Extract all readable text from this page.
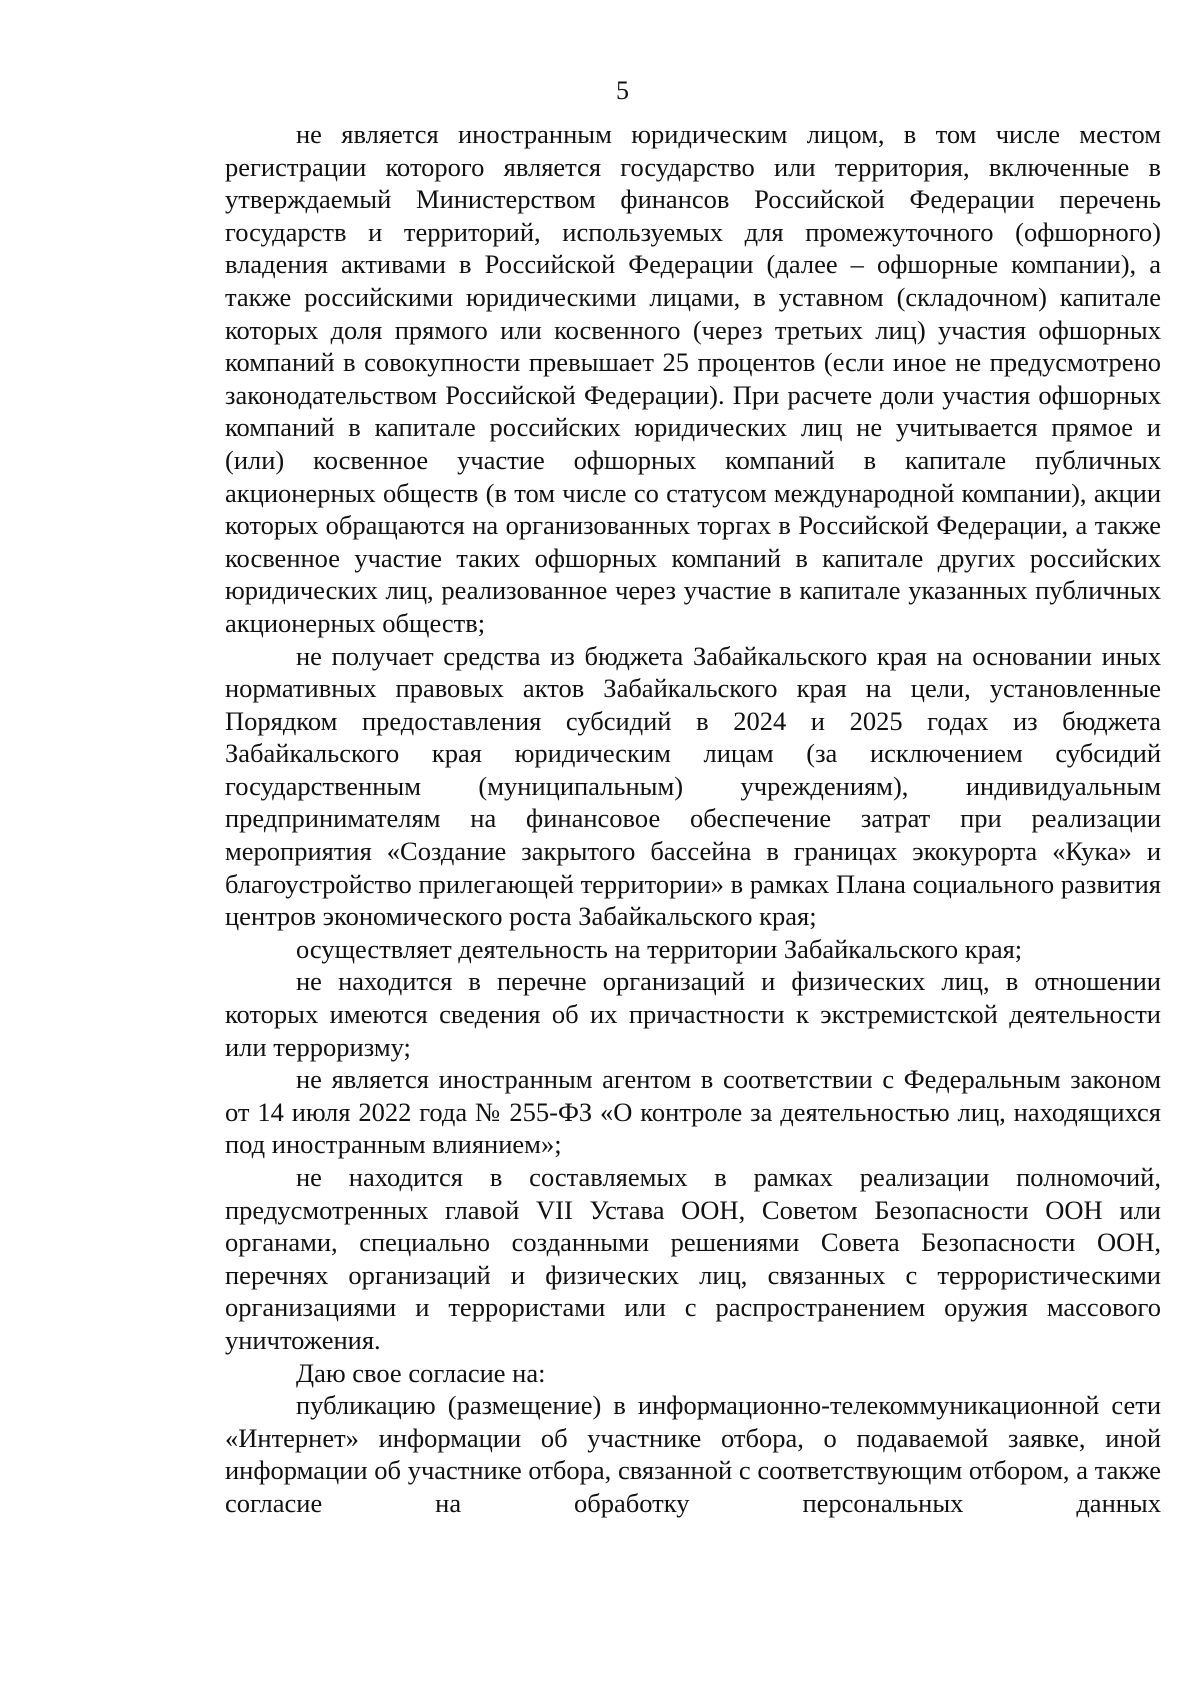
5

не является иностранным юридическим лицом, в том числе местом регистрации которого является государство или территория, включенные в утверждаемый Министерством финансов Российской Федерации перечень государств и территорий, используемых для промежуточного (офшорного) владения активами в Российской Федерации (далее – офшорные компании), а также российскими юридическими лицами, в уставном (складочном) капитале которых доля прямого или косвенного (через третьих лиц) участия офшорных компаний в совокупности превышает 25 процентов (если иное не предусмотрено законодательством Российской Федерации). При расчете доли участия офшорных компаний в капитале российских юридических лиц не учитывается прямое и (или) косвенное участие офшорных компаний в капитале публичных акционерных обществ (в том числе со статусом международной компании), акции которых обращаются на организованных торгах в Российской Федерации, а также косвенное участие таких офшорных компаний в капитале других российских юридических лиц, реализованное через участие в капитале указанных публичных акционерных обществ;

не получает средства из бюджета Забайкальского края на основании иных нормативных правовых актов Забайкальского края на цели, установленные Порядком предоставления субсидий в 2024 и 2025 годах из бюджета Забайкальского края юридическим лицам (за исключением субсидий государственным (муниципальным) учреждениям), индивидуальным предпринимателям на финансовое обеспечение затрат при реализации мероприятия «Создание закрытого бассейна в границах экокурорта «Кука» и благоустройство прилегающей территории» в рамках Плана социального развития центров экономического роста Забайкальского края;

осуществляет деятельность на территории Забайкальского края;

не находится в перечне организаций и физических лиц, в отношении которых имеются сведения об их причастности к экстремистской деятельности или терроризму;

не является иностранным агентом в соответствии с Федеральным законом от 14 июля 2022 года № 255-ФЗ «О контроле за деятельностью лиц, находящихся под иностранным влиянием»;

не находится в составляемых в рамках реализации полномочий, предусмотренных главой VII Устава ООН, Советом Безопасности ООН или органами, специально созданными решениями Совета Безопасности ООН, перечнях организаций и физических лиц, связанных с террористическими организациями и террористами или с распространением оружия массового уничтожения.

Даю свое согласие на:

публикацию (размещение) в информационно-телекоммуникационной сети «Интернет» информации об участнике отбора, о подаваемой заявке, иной информации об участнике отбора, связанной с соответствующим отбором, а также согласие на обработку персональных данных
